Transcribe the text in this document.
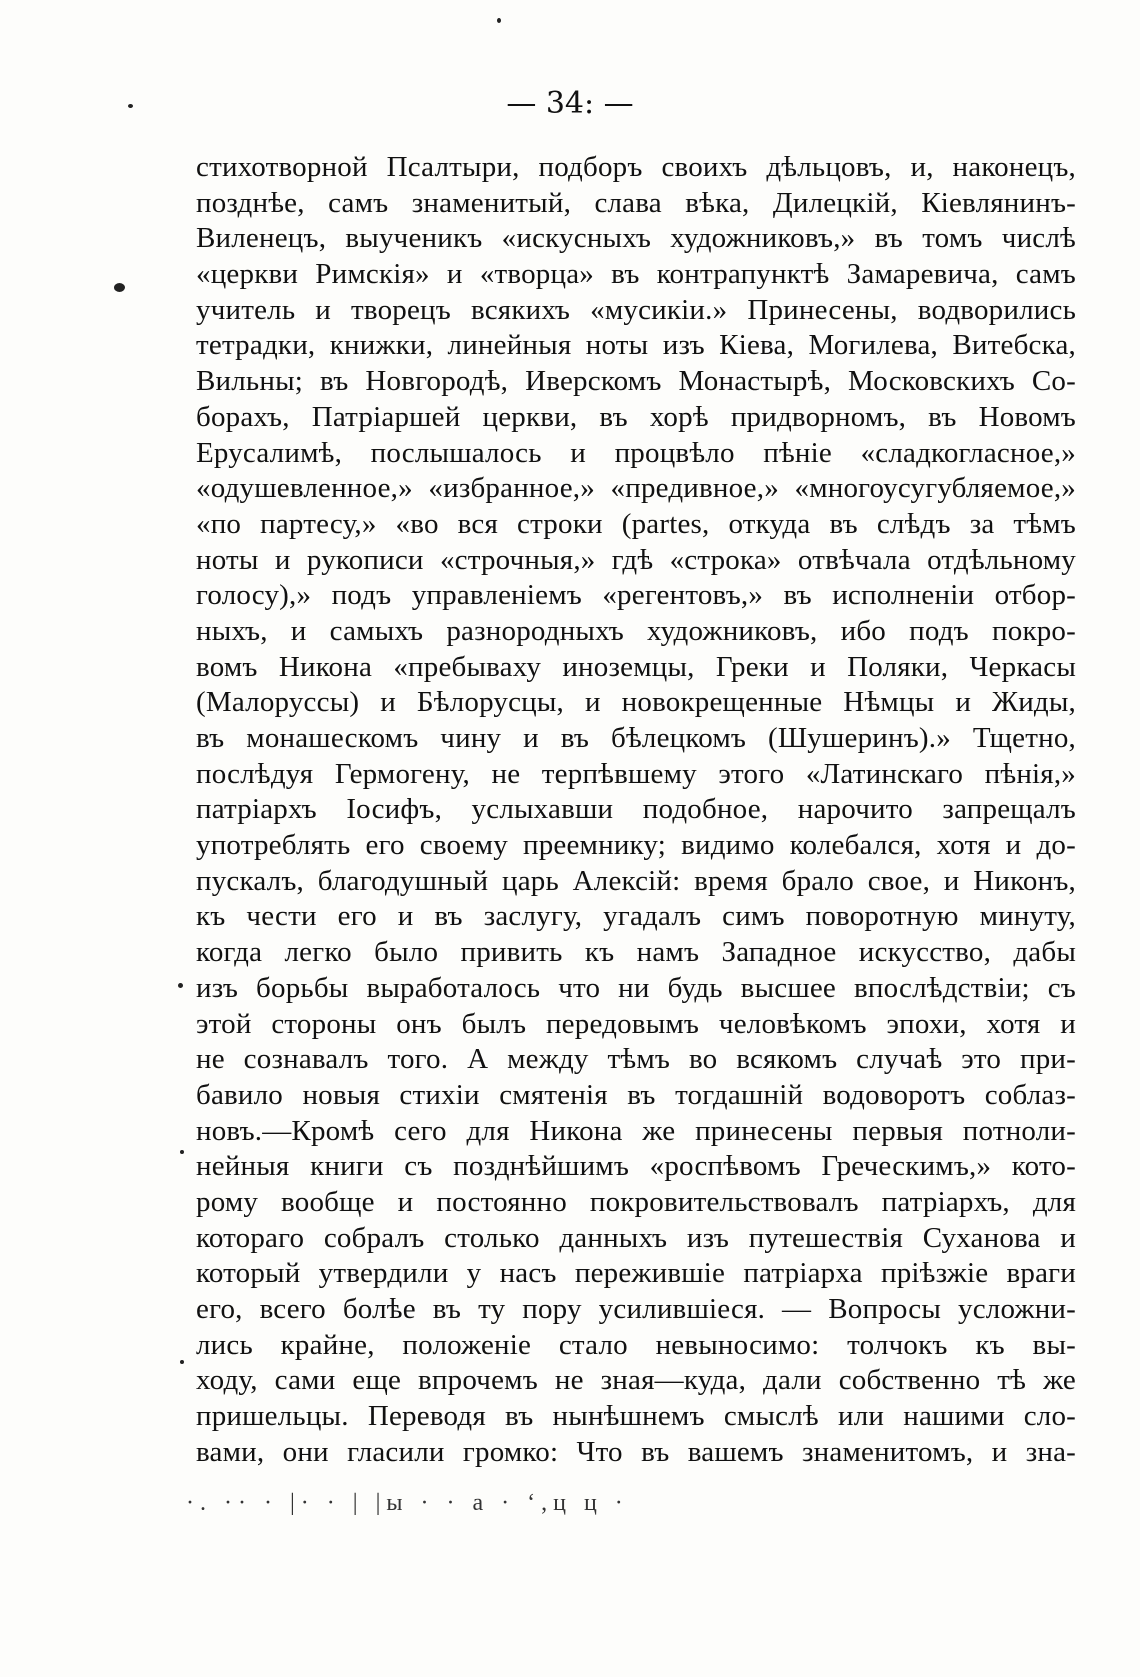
— 34: —
стихотворной Псалтыри, подборъ своихъ дѣльцовъ, и, наконецъ,
позднѣе, самъ знаменитый, слава вѣка, Дилецкій, Кіевлянинъ-
Виленецъ, выученикъ «искусныхъ художниковъ,» въ томъ числѣ
«церкви Римскія» и «творца» въ контрапунктѣ Замаревича, самъ
учитель и творецъ всякихъ «мусикіи.» Принесены, водворились
тетрадки, книжки, линейныя ноты изъ Кіева, Могилева, Витебска,
Вильны; въ Новгородѣ, Иверскомъ Монастырѣ, Московскихъ Со-
борахъ, Патріаршей церкви, въ хорѣ придворномъ, въ Новомъ
Ерусалимѣ, послышалось и процвѣло пѣніе «сладкогласное,»
«одушевленное,» «избранное,» «предивное,» «многоусугубляемое,»
«по партесу,» «во вся строки (partes, откуда въ слѣдъ за тѣмъ
ноты и рукописи «строчныя,» гдѣ «строка» отвѣчала отдѣльному
голосу),» подъ управленіемъ «регентовъ,» въ исполненіи отбор-
ныхъ, и самыхъ разнородныхъ художниковъ, ибо подъ покро-
вомъ Никона «пребываху иноземцы, Греки и Поляки, Черкасы
(Малоруссы) и Бѣлорусцы, и новокрещенные Нѣмцы и Жиды,
въ монашескомъ чину и въ бѣлецкомъ (Шушеринъ).» Тщетно,
послѣдуя Гермогену, не терпѣвшему этого «Латинскаго пѣнія,»
патріархъ Іосифъ, услыхавши подобное, нарочито запрещалъ
употреблять его своему преемнику; видимо колебался, хотя и до-
пускалъ, благодушный царь Алексій: время брало свое, и Никонъ,
къ чести его и въ заслугу, угадалъ симъ поворотную минуту,
когда легко было привить къ намъ Западное искусство, дабы
изъ борьбы выработалось что ни будь высшее впослѣдствіи; съ
этой стороны онъ былъ передовымъ человѣкомъ эпохи, хотя и
не сознавалъ того. А между тѣмъ во всякомъ случаѣ это при-
бавило новыя стихіи смятенія въ тогдашній водоворотъ соблаз-
новъ.—Кромѣ сего для Никона же принесены первыя потноли-
нейныя книги съ позднѣйшимъ «роспѣвомъ Греческимъ,» кото-
рому вообще и постоянно покровительствовалъ патріархъ, для
котораго собралъ столько данныхъ изъ путешествія Суханова и
который утвердили у насъ пережившіе патріарха пріѣзжіе враги
его, всего болѣе въ ту пору усилившіеся. — Вопросы усложни-
лись крайне, положеніе стало невыносимо: толчокъ къ вы-
ходу, сами еще впрочемъ не зная—куда, дали собственно тѣ же
пришельцы. Переводя въ нынѣшнемъ смыслѣ или нашими сло-
вами, они гласили громко: Что въ вашемъ знаменитомъ, и зна-
·. ·· · |· · | |ы · · а · ʻ,ц ц ·
